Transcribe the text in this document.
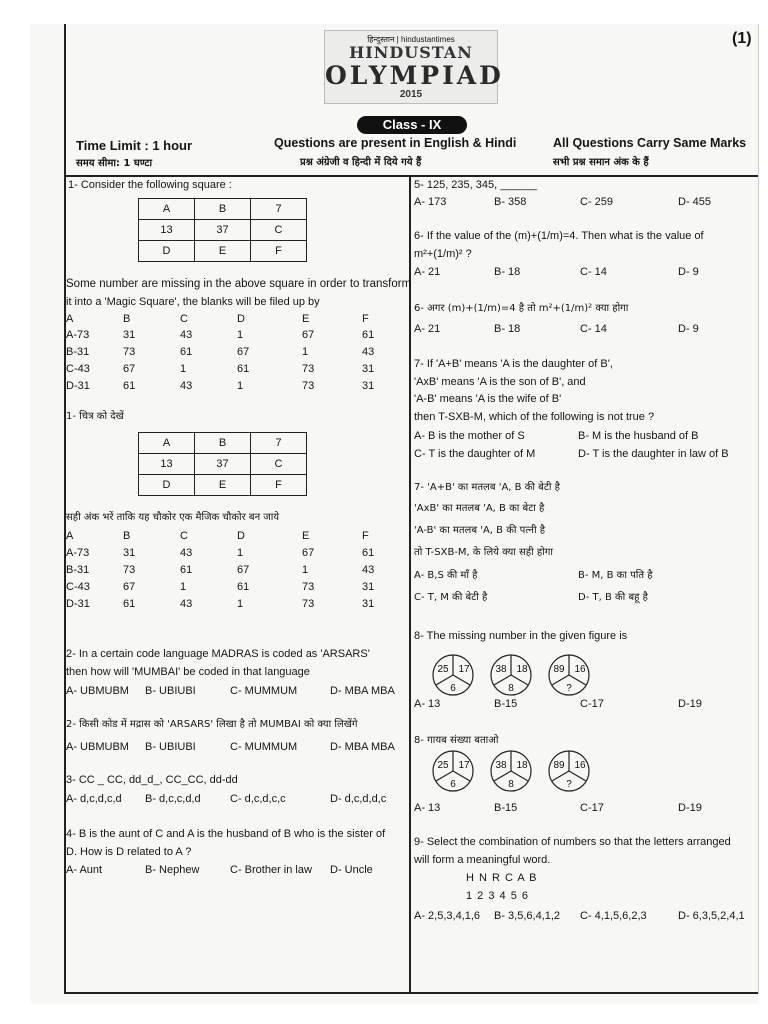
(1)
हिन्दुस्तान | hindustantimes
HINDUSTAN
OLYMPIAD
2015
Class - IX
Time Limit : 1 hour
समय सीमा: 1 घण्टा
Questions are present in English & Hindi
प्रश्न अंग्रेजी व हिन्दी में दिये गये हैं
All Questions Carry Same Marks
सभी प्रश्न समान अंक के हैं
1- Consider the following square :
A	B	7
13	37	C
D	E	F
Some number are missing in the above square in order to transform
it into a 'Magic Square', the blanks will be filed up by
A	B	C	D	E	F
A-73	31	43	1	67	61
B-31	73	61	67	1	43
C-43	67	1	61	73	31
D-31	61	43	1	73	31
1- चित्र को देखें
A	B	7
13	37	C
D	E	F
सही अंक भरें ताकि यह चौकोर एक मैजिक चौकोर बन जाये
A	B	C	D	E	F
A-73	31	43	1	67	61
B-31	73	61	67	1	43
C-43	67	1	61	73	31
D-31	61	43	1	73	31
2- In a certain code language MADRAS is coded as 'ARSARS'
then how will 'MUMBAI' be coded in that language
A- UBMUBM B- UBIUBI	C- MUMMUM	D- MBA MBA
2- किसी कोड में मद्रास को 'ARSARS' लिखा है तो MUMBAI को क्या लिखेंगे
A- UBMUBM B- UBIUBI	C- MUMMUM	D- MBA MBA
3- CC _ CC, dd_d_, CC_CC, dd-dd
A- d,c,d,c,d B- d,c,c,d,d	C- d,c,d,c,c	D- d,c,d,d,c
4- B is the aunt of C and A is the husband of B who is the sister of
D. How is D related to A ?
A- Aunt	B- Nephew	C- Brother in law D- Uncle
5- 125, 235, 345, ______
A- 173	B- 358	C- 259	D- 455
6- If the value of the (m)+(1/m)=4. Then what is the value of
m²+(1/m)² ?
A- 21	B- 18	C- 14	D- 9
6- अगर (m)+(1/m)=4 है तो m²+(1/m)² क्या होगा
A- 21	B- 18	C- 14	D- 9
7- If 'A+B' means 'A is the daughter of B',
'AxB' means 'A is the son of B', and
'A-B' means 'A is the wife of B'
then T-SXB-M, which of the following is not true ?
A- B is the mother of S	B- M is the husband of B
C- T is the daughter of M	D- T is the daughter in law of B
7- 'A+B' का मतलब 'A, B की बेटी है
'AxB' का मतलब 'A, B का बेटा है
'A-B' का मतलब 'A, B की पत्नी है
तो T-SXB-M, के लिये क्या सही होगा
A- B,S की माँ है	B- M, B का पति है
C- T, M की बेटी है	D- T, B की बहू है
8- The missing number in the given figure is
25 17
6
38 18
8
89 16
?
A- 13	B-15	C-17	D-19
8- गायब संख्या बताओ
25 17
6
38 18
8
89 16
?
A- 13	B-15	C-17	D-19
9- Select the combination of numbers so that the letters arranged
will form a meaningful word.
H N R C A B
1 2 3 4 5 6
A- 2,5,3,4,1,6 B- 3,5,6,4,1,2 C- 4,1,5,6,2,3	D- 6,3,5,2,4,1
